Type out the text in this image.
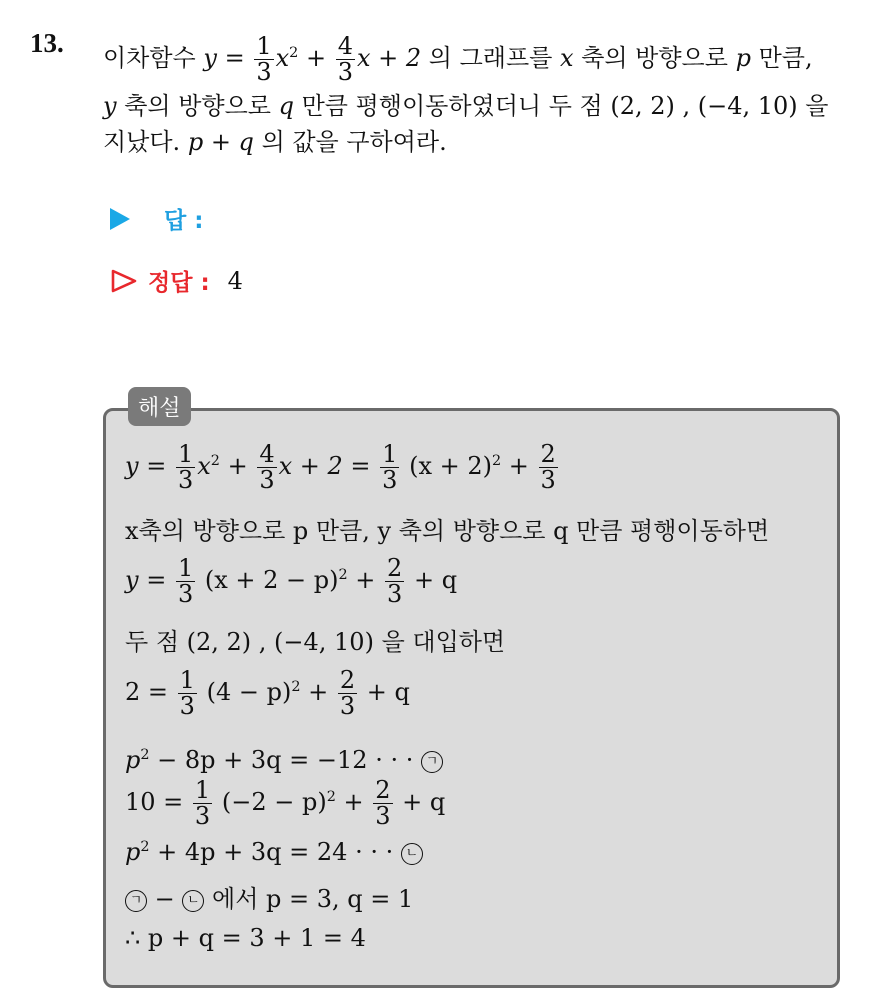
13.
이차함수 $y = \frac{1}{3} x^2 + \frac{4}{3}$ x + 2 의 그래프를 x 축의 방향으로 p 만큼,
y 축의 방향으로 q 만큼 평행이동하였더니 두 점 (2, 2) , (−4, 10) 을
지났다. p + q 의 값을 구하여라.
답 :
정답 : 4
해설
$y = \frac{1}{3} x^2 + \frac{4}{3}$ $x + 2 = \frac{1}{3} (x + 2)^2 + \frac{2}{3}$
x축의 방향으로 p 만큼, y 축의 방향으로 q 만큼 평행이동하면
$y = \frac{1}{3} (x + 2 - p)^2 + \frac{2}{3} + q$
두 점 (2, 2) , (−4, 10) 을 대입하면
$2 = \frac{1}{3} (4 - p)^2 + \frac{2}{3} + q$
$p^2 - 8p + 3q = -12$ · · · ㄱ
$10 = \frac{1}{3} (-2 - p)^2 + \frac{2}{3} + q$
$p^2 + 4p + 3q = 24$ · · · ㄴ
ㄱ − ㄴ 에서 p = 3, q = 1
∴ p + q = 3 + 1 = 4
